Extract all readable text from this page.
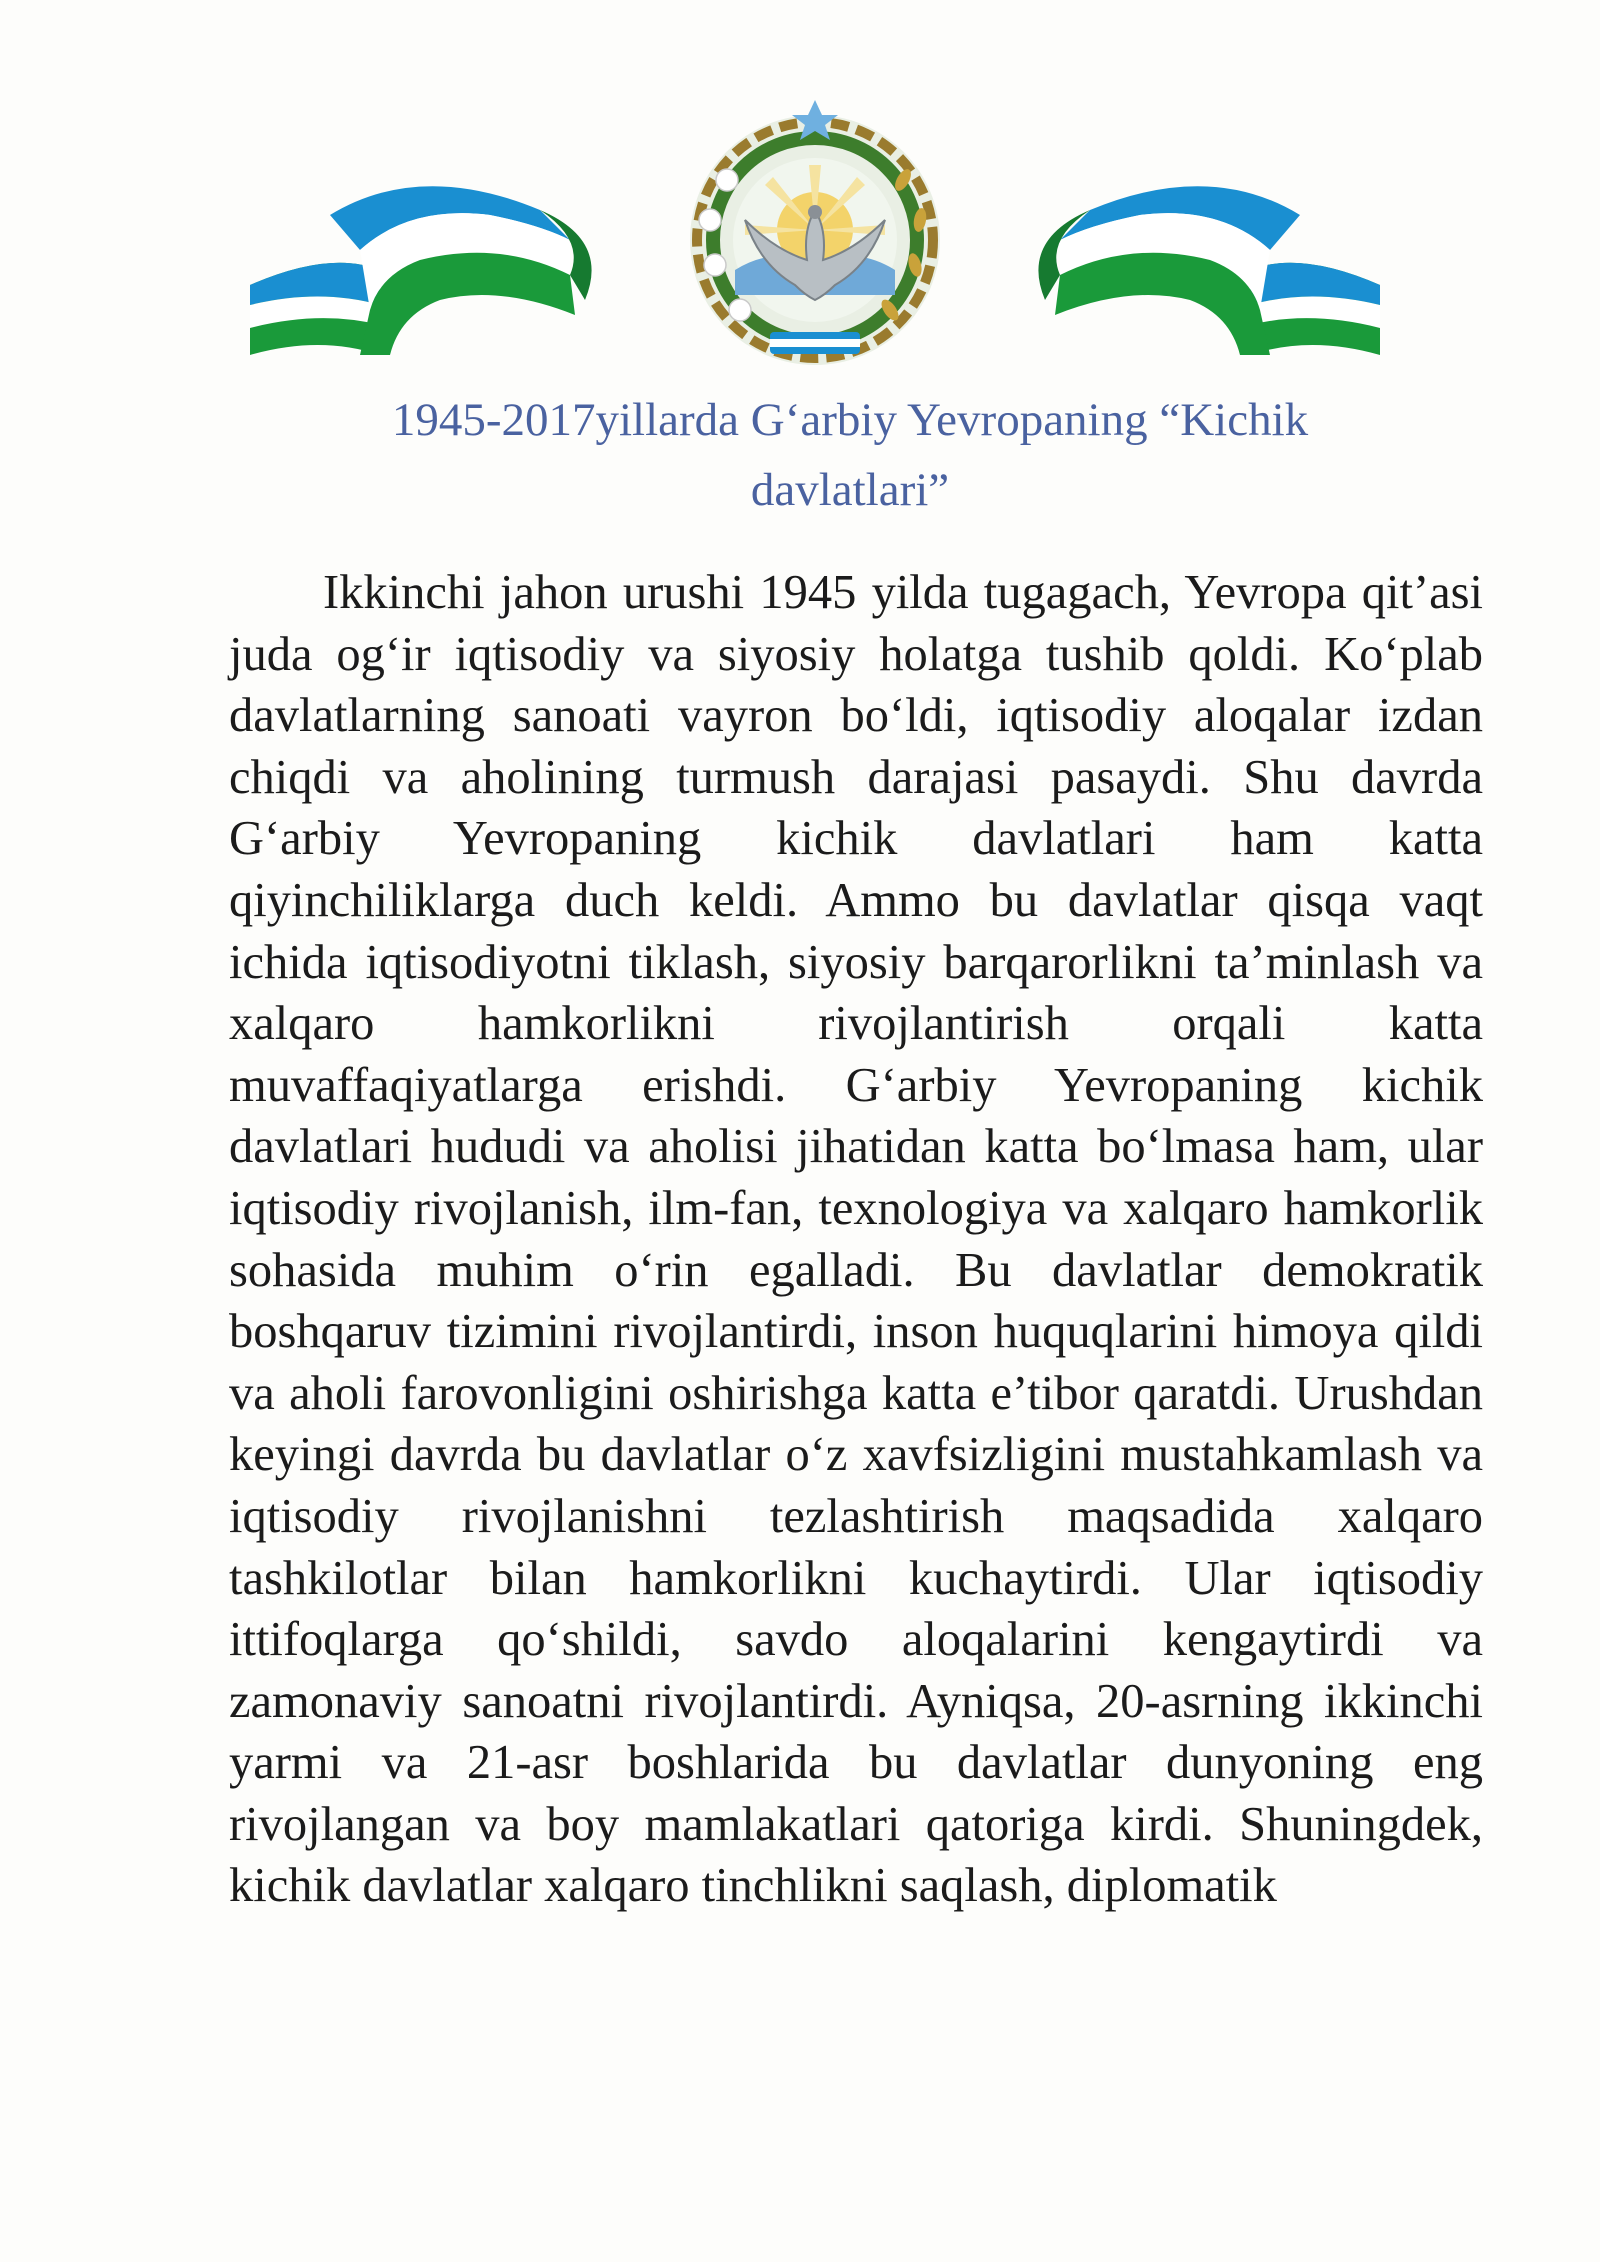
1945-2017yillarda G‘arbiy Yevropaning “Kichik davlatlari”

Ikkinchi jahon urushi 1945 yilda tugagach, Yevropa qit’asi juda og‘ir iqtisodiy va siyosiy holatga tushib qoldi. Ko‘plab davlatlarning sanoati vayron bo‘ldi, iqtisodiy aloqalar izdan chiqdi va aholining turmush darajasi pasaydi. Shu davrda G‘arbiy Yevropaning kichik davlatlari ham katta qiyinchiliklarga duch keldi. Ammo bu davlatlar qisqa vaqt ichida iqtisodiyotni tiklash, siyosiy barqarorlikni ta’minlash va xalqaro hamkorlikni rivojlantirish orqali katta muvaffaqiyatlarga erishdi. G‘arbiy Yevropaning kichik davlatlari hududi va aholisi jihatidan katta bo‘lmasa ham, ular iqtisodiy rivojlanish, ilm-fan, texnologiya va xalqaro hamkorlik sohasida muhim o‘rin egalladi. Bu davlatlar demokratik boshqaruv tizimini rivojlantirdi, inson huquqlarini himoya qildi va aholi farovonligini oshirishga katta e’tibor qaratdi. Urushdan keyingi davrda bu davlatlar o‘z xavfsizligini mustahkamlash va iqtisodiy rivojlanishni tezlashtirish maqsadida xalqaro tashkilotlar bilan hamkorlikni kuchaytirdi. Ular iqtisodiy ittifoqlarga qo‘shildi, savdo aloqalarini kengaytirdi va zamonaviy sanoatni rivojlantirdi. Ayniqsa, 20-asrning ikkinchi yarmi va 21-asr boshlarida bu davlatlar dunyoning eng rivojlangan va boy mamlakatlari qatoriga kirdi. Shuningdek, kichik davlatlar xalqaro tinchlikni saqlash, diplomatik
